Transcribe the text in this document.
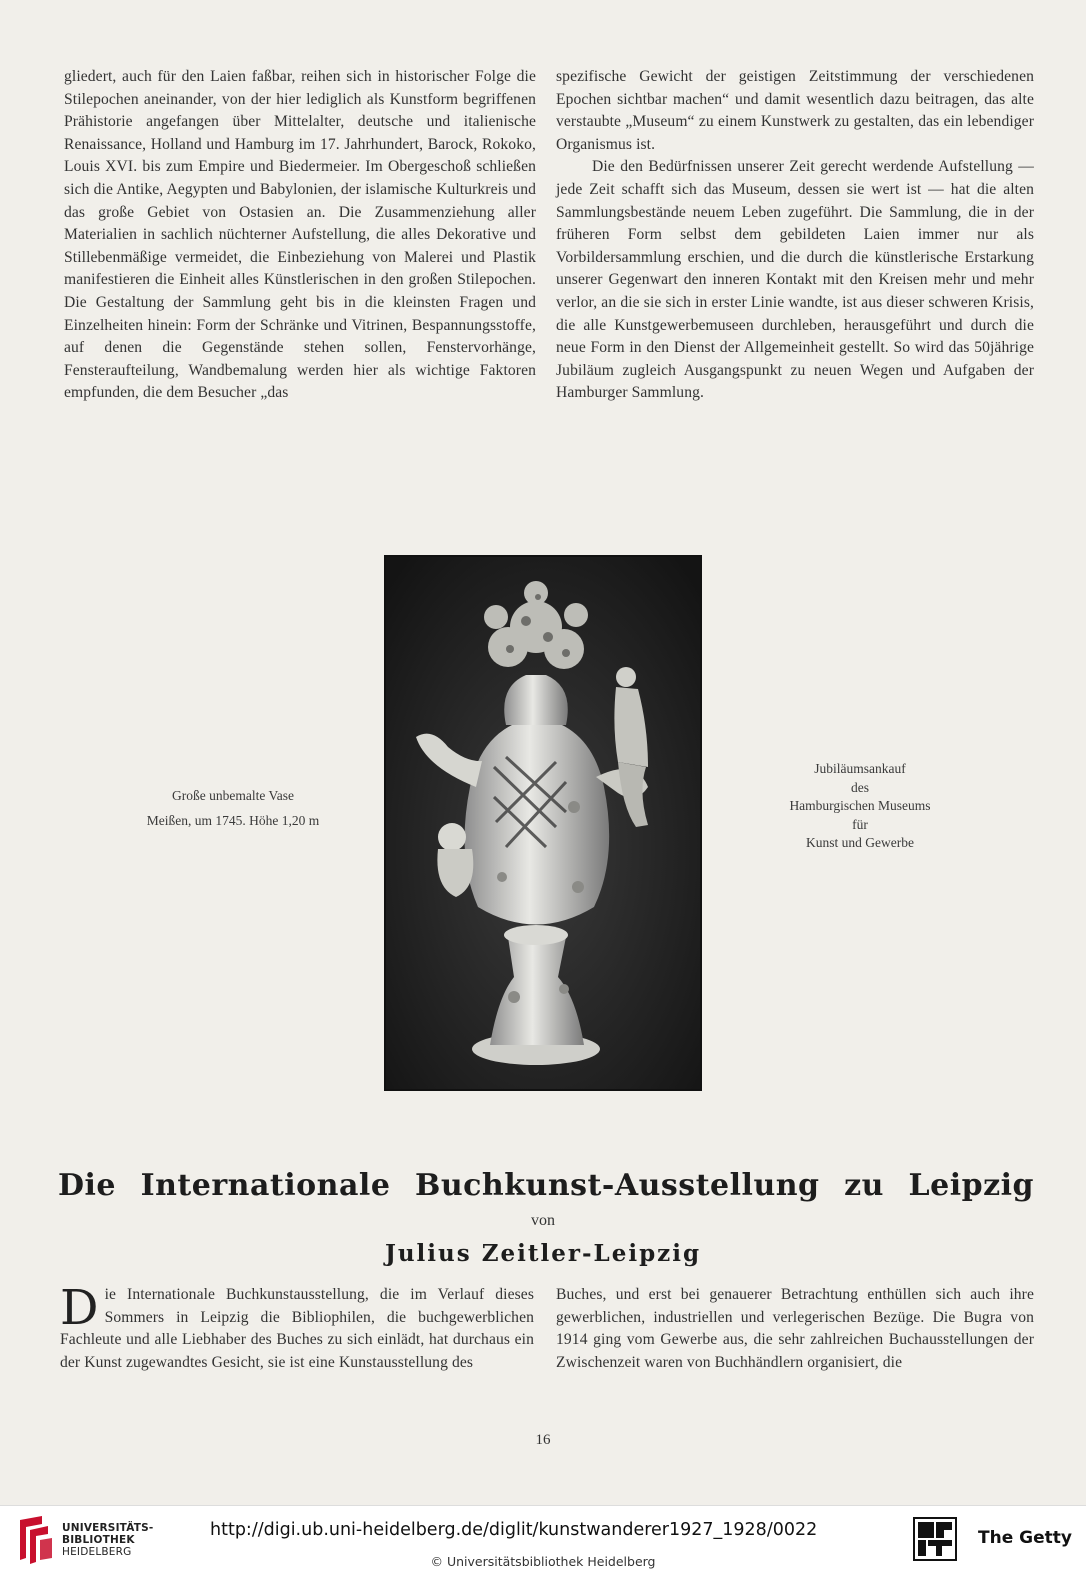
gliedert, auch für den Laien faßbar, reihen sich in historischer Folge die Stilepochen aneinander, von der hier lediglich als Kunstform begriffenen Prähistorie angefangen über Mittelalter, deutsche und italienische Renaissance, Holland und Hamburg im 17. Jahrhundert, Barock, Rokoko, Louis XVI. bis zum Empire und Biedermeier. Im Obergeschoß schließen sich die Antike, Aegypten und Babylonien, der islamische Kulturkreis und das große Gebiet von Ostasien an. Die Zusammenziehung aller Materialien in sachlich nüchterner Aufstellung, die alles Dekorative und Stillebenmäßige vermeidet, die Einbeziehung von Malerei und Plastik manifestieren die Einheit alles Künstlerischen in den großen Stilepochen. Die Gestaltung der Sammlung geht bis in die kleinsten Fragen und Einzelheiten hinein: Form der Schränke und Vitrinen, Bespannungsstoffe, auf denen die Gegenstände stehen sollen, Fenstervorhänge, Fensteraufteilung, Wandbemalung werden hier als wichtige Faktoren empfunden, die dem Besucher „das

spezifische Gewicht der geistigen Zeitstimmung der verschiedenen Epochen sichtbar machen“ und damit wesentlich dazu beitragen, das alte verstaubte „Museum“ zu einem Kunstwerk zu gestalten, das ein lebendiger Organismus ist.

Die den Bedürfnissen unserer Zeit gerecht werdende Aufstellung — jede Zeit schafft sich das Museum, dessen sie wert ist — hat die alten Sammlungsbestände neuem Leben zugeführt. Die Sammlung, die in der früheren Form selbst dem gebildeten Laien immer nur als Vorbildersammlung erschien, und die durch die künstlerische Erstarkung unserer Gegenwart den inneren Kontakt mit den Kreisen mehr und mehr verlor, an die sie sich in erster Linie wandte, ist aus dieser schweren Krisis, die alle Kunstgewerbemuseen durchleben, herausgeführt und durch die neue Form in den Dienst der Allgemeinheit gestellt. So wird das 50jährige Jubiläum zugleich Ausgangspunkt zu neuen Wegen und Aufgaben der Hamburger Sammlung.

Große unbemalte Vase
Meißen, um 1745. Höhe 1,20 m
Jubiläumsankauf
des
Hamburgischen Museums
für
Kunst und Gewerbe
Die Internationale Buchkunst-Ausstellung zu Leipzig
von
Julius Zeitler-Leipzig

Die Internationale Buchkunstausstellung, die im Verlauf dieses Sommers in Leipzig die Bibliophilen, die buchgewerblichen Fachleute und alle Liebhaber des Buches zu sich einlädt, hat durchaus ein der Kunst zugewandtes Gesicht, sie ist eine Kunstausstellung des

Buches, und erst bei genauerer Betrachtung enthüllen sich auch ihre gewerblichen, industriellen und verlegerischen Bezüge. Die Bugra von 1914 ging vom Gewerbe aus, die sehr zahlreichen Buchausstellungen der Zwischenzeit waren von Buchhändlern organisiert, die

16
UNIVERSITÄTS-
BIBLIOTHEK
HEIDELBERG
http://digi.ub.uni-heidelberg.de/diglit/kunstwanderer1927_1928/0022
© Universitätsbibliothek Heidelberg
The Getty
